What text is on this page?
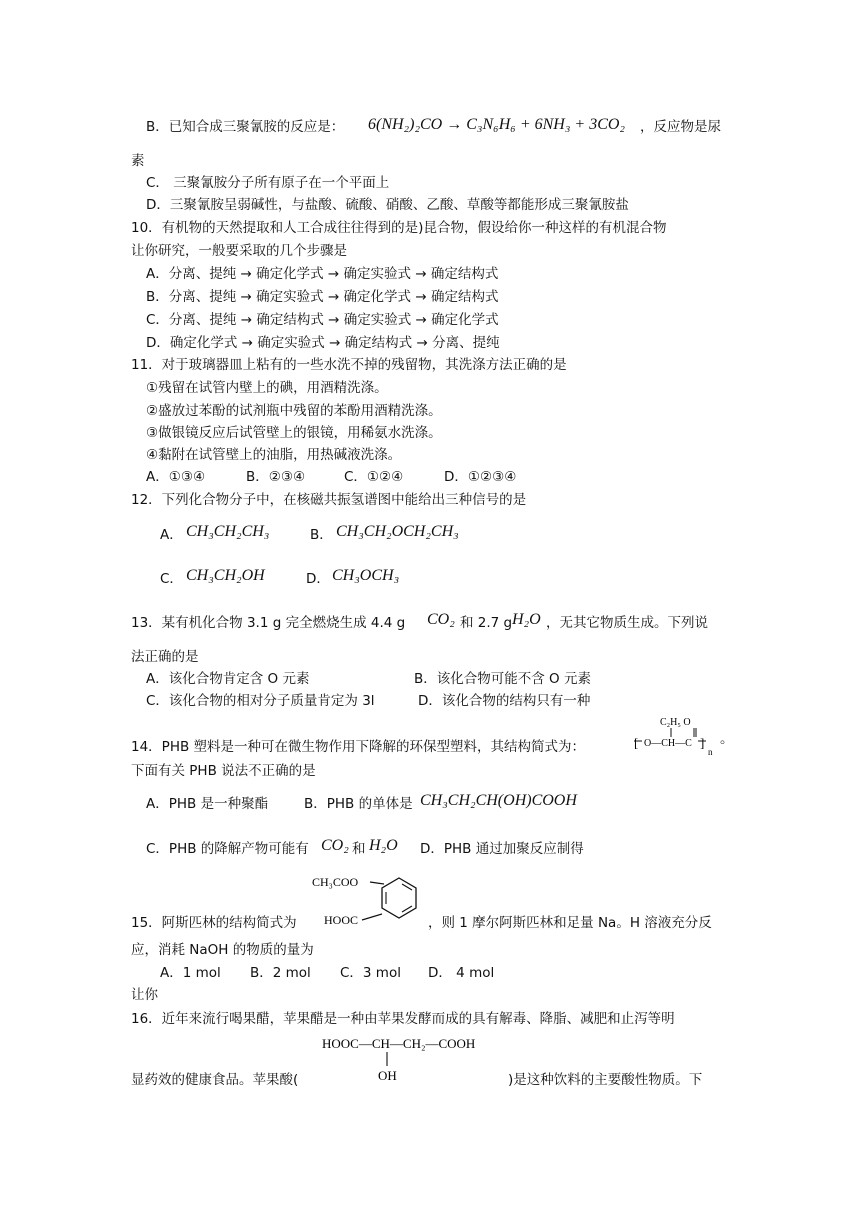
B．已知合成三聚氰胺的反应是： 6(NH₂)₂CO → C₃N₆H₆ + 6NH₃ + 3CO₂ ，反应物是尿
素
C． 三聚氰胺分子所有原子在一个平面上
D．三聚氰胺呈弱碱性，与盐酸、硫酸、硝酸、乙酸、草酸等都能形成三聚氰胺盐
10．有机物的天然提取和人工合成往往得到的是)昆合物，假设给你一种这样的有机混合物
让你研究，一般要采取的几个步骤是
A．分离、提纯 → 确定化学式 → 确定实验式 → 确定结构式
B．分离、提纯 → 确定实验式 → 确定化学式 → 确定结构式
C．分离、提纯 → 确定结构式 → 确定实验式 → 确定化学式
D．确定化学式 → 确定实验式 → 确定结构式 → 分离、提纯
11．对于玻璃器皿上粘有的一些水洗不掉的残留物，其洗涤方法正确的是
①残留在试管内壁上的碘，用酒精洗涤。
②盛放过苯酚的试剂瓶中残留的苯酚用酒精洗涤。
③做银镜反应后试管壁上的银镜，用稀氨水洗涤。
④黏附在试管壁上的油脂，用热碱液洗涤。
A．①③④	B．②③④	C．①②④	D．①②③④
12．下列化合物分子中，在核磁共振氢谱图中能给出三种信号的是
A． CH₃CH₂CH₃	B． CH₃CH₂OCH₂CH₃
C． CH₃CH₂OH	D． CH₃OCH₃
13．某有机化合物 3.1 g 完全燃烧生成 4.4 g CO₂ 和 2.7 g H₂O ，无其它物质生成。下列说
法正确的是
A．该化合物肯定含 O 元素	B．该化合物可能不含 O 元素
C．该化合物的相对分子质量肯定为 3l	D．该化合物的结构只有一种
14．PHB 塑料是一种可在微生物作用下降解的环保型塑料，其结构简式为：
C₂H₅ O
[ O—CH—C ]
n
。
下面有关 PHB 说法不正确的是
A．PHB 是一种聚酯	B．PHB 的单体是 CH₃CH₂CH(OH)COOH
C．PHB 的降解产物可能有 CO₂ 和 H₂O D．PHB 通过加聚反应制得
15．阿斯匹林的结构简式为
CH₃COO
HOOC	，则 1 摩尔阿斯匹林和足量 Na。H 溶液充分反
应，消耗 NaOH 的物质的量为
A．1 mol B．2 mol C．3 mol D． 4 mol
让你
16．近年来流行喝果醋，苹果醋是一种由苹果发酵而成的具有解毒、降脂、减肥和止泻等明
HOOC—CH—CH₂—COOH
OH
显药效的健康食品。苹果酸(	)是这种饮料的主要酸性物质。下
